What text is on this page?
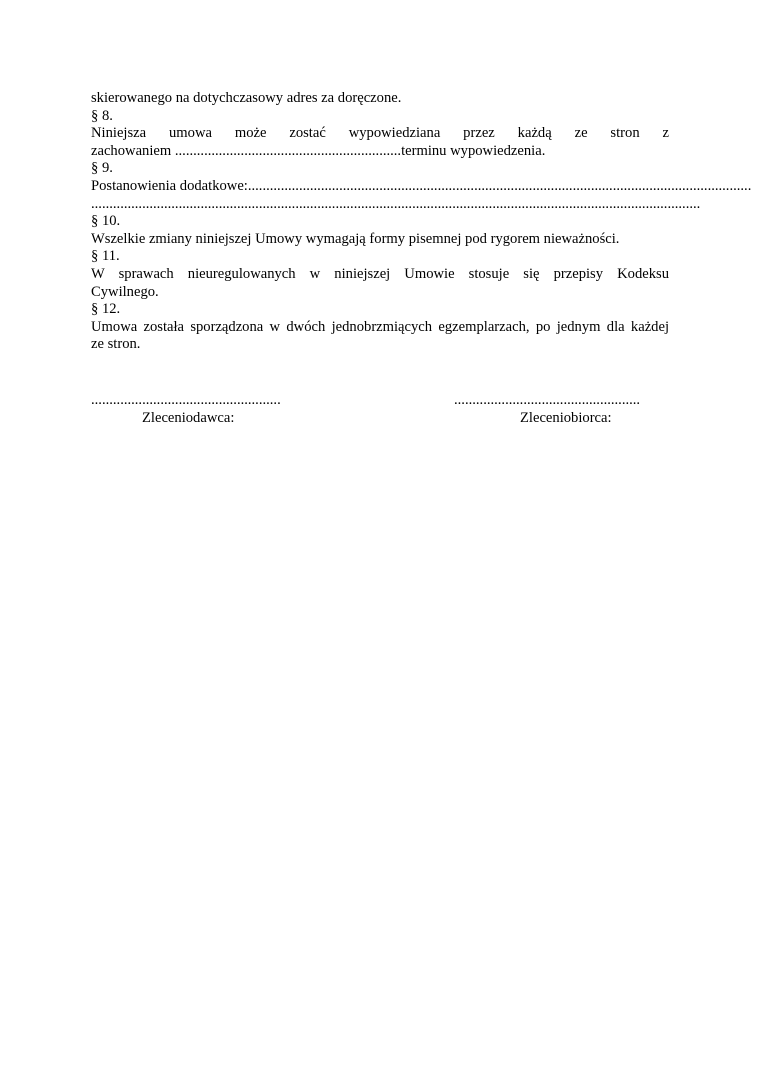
skierowanego na dotychczasowy adres za doręczone.
§ 8.
Niniejsza umowa może zostać wypowiedziana przez każdą ze stron z
zachowaniem ..............................................................terminu wypowiedzenia.
§ 9.
Postanowienia dodatkowe: ..........................................................................................................................................
.......................................................................................................................................................................
§ 10.
Wszelkie zmiany niniejszej Umowy wymagają formy pisemnej pod rygorem nieważności.
§ 11.
W sprawach nieuregulowanych w niniejszej Umowie stosuje się przepisy Kodeksu
Cywilnego.
§ 12.
Umowa została sporządzona w dwóch jednobrzmiących egzemplarzach, po jednym dla każdej
ze stron.
....................................................
Zleceniodawca:
...................................................
Zleceniobiorca:
